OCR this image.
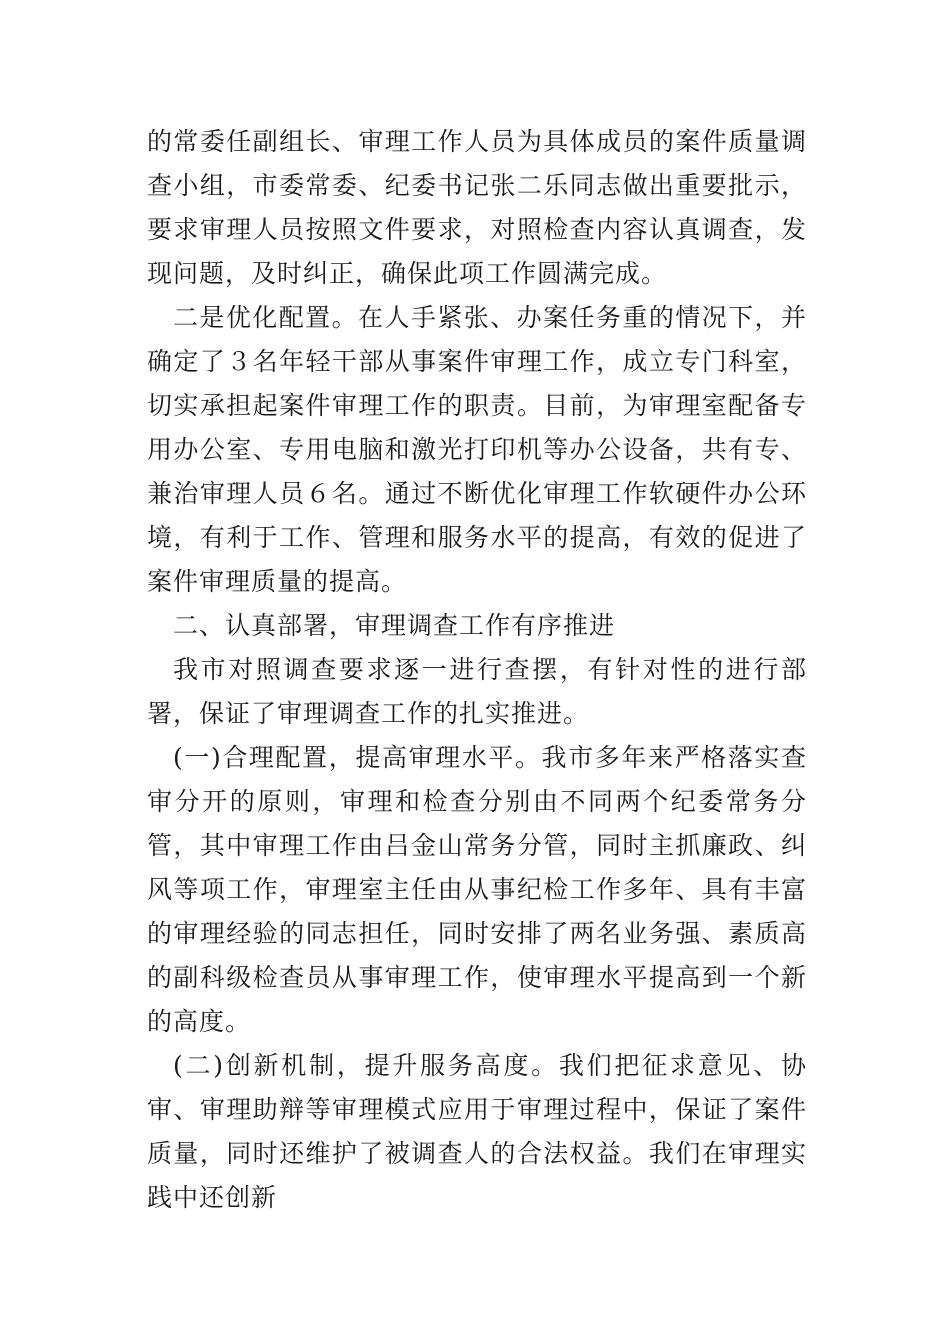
的常委任副组长、审理工作人员为具体成员的案件质量调查小组，市委常委、纪委书记张二乐同志做出重要批示，要求审理人员按照文件要求，对照检查内容认真调查，发现问题，及时纠正，确保此项工作圆满完成。

二是优化配置。在人手紧张、办案任务重的情况下，并确定了３名年轻干部从事案件审理工作，成立专门科室，切实承担起案件审理工作的职责。目前，为审理室配备专用办公室、专用电脑和激光打印机等办公设备，共有专、兼治审理人员６名。通过不断优化审理工作软硬件办公环境，有利于工作、管理和服务水平的提高，有效的促进了案件审理质量的提高。

二、认真部署，审理调查工作有序推进

我市对照调查要求逐一进行查摆，有针对性的进行部署，保证了审理调查工作的扎实推进。

(一)合理配置，提高审理水平。我市多年来严格落实查审分开的原则，审理和检查分别由不同两个纪委常务分管，其中审理工作由吕金山常务分管，同时主抓廉政、纠风等项工作，审理室主任由从事纪检工作多年、具有丰富的审理经验的同志担任，同时安排了两名业务强、素质高的副科级检查员从事审理工作，使审理水平提高到一个新的高度。

(二)创新机制，提升服务高度。我们把征求意见、协审、审理助辩等审理模式应用于审理过程中，保证了案件质量，同时还维护了被调查人的合法权益。我们在审理实践中还创新
